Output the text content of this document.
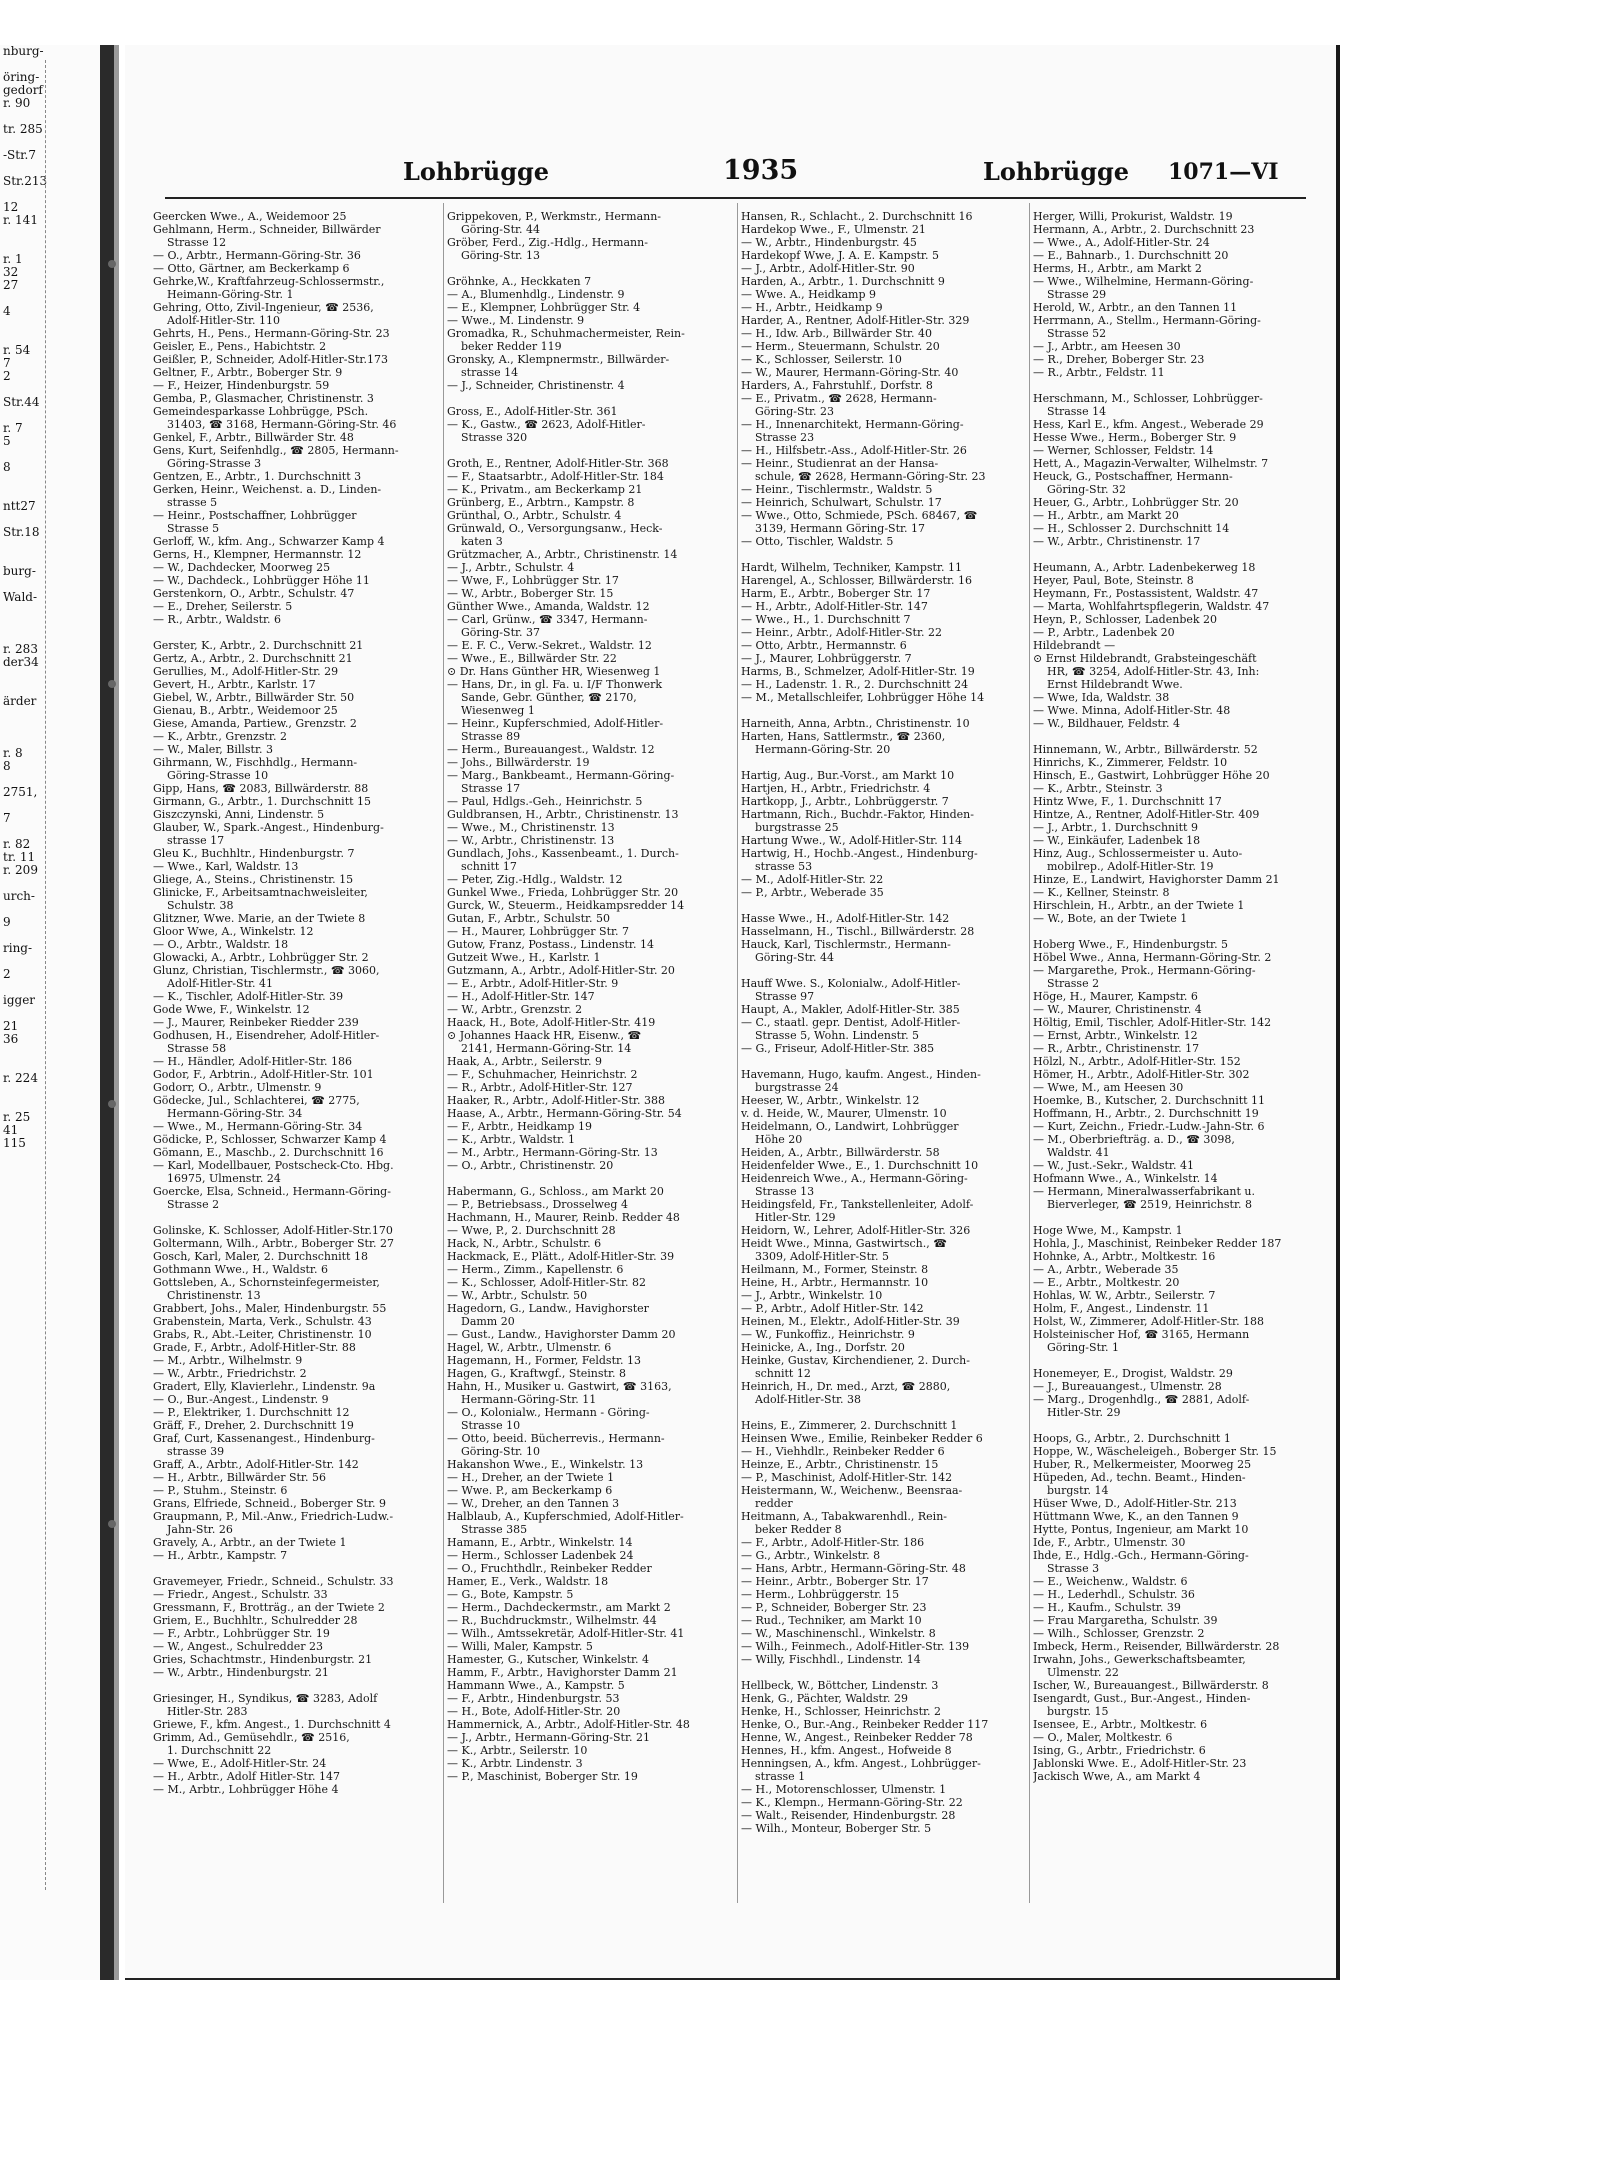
nburg-
öring-
gedorf
r. 90
tr. 285
-Str.7
Str.213
12
r. 141
r. 1
32
27
4
r. 54
7
2
Str.44
r. 7
5
8
ntt27
Str.18
burg-
Wald-
r. 283
der34
ärder
r. 8
8
2751,
7
r. 82
tr. 11
r. 209
urch-
9
ring-
2
igger
21
36
r. 224
r. 25
41
115
Lohbrügge	1935	Lohbrügge 1071—VI
Geercken Wwe., A., Weidemoor 25
Gehlmann, Herm., Schneider, Billwärder
Strasse 12
— O., Arbtr., Hermann-Göring-Str. 36
— Otto, Gärtner, am Beckerkamp 6
Gehrke,W., Kraftfahrzeug-Schlossermstr.,
Heimann-Göring-Str. 1
Gehring, Otto, Zivil-Ingenieur, ☎ 2536,
Adolf-Hitler-Str. 110
Gehrts, H., Pens., Hermann-Göring-Str. 23
Geisler, E., Pens., Habichtstr. 2
Geißler, P., Schneider, Adolf-Hitler-Str.173
Geltner, F., Arbtr., Boberger Str. 9
— F., Heizer, Hindenburgstr. 59
Gemba, P., Glasmacher, Christinenstr. 3
Gemeindesparkasse Lohbrügge, PSch.
31403, ☎ 3168, Hermann-Göring-Str. 46
Genkel, F., Arbtr., Billwärder Str. 48
Gens, Kurt, Seifenhdlg., ☎ 2805, Hermann-
Göring-Strasse 3
Gentzen, E., Arbtr., 1. Durchschnitt 3
Gerken, Heinr., Weichenst. a. D., Linden-
strasse 5
— Heinr., Postschaffner, Lohbrügger
Strasse 5
Gerloff, W., kfm. Ang., Schwarzer Kamp 4
Gerns, H., Klempner, Hermannstr. 12
— W., Dachdecker, Moorweg 25
— W., Dachdeck., Lohbrügger Höhe 11
Gerstenkorn, O., Arbtr., Schulstr. 47
— E., Dreher, Seilerstr. 5
— R., Arbtr., Waldstr. 6
Gerster, K., Arbtr., 2. Durchschnitt 21
Gertz, A., Arbtr., 2. Durchschnitt 21
Gerullies, M., Adolf-Hitler-Str. 29
Gevert, H., Arbtr., Karlstr. 17
Giebel, W., Arbtr., Billwärder Str. 50
Gienau, B., Arbtr., Weidemoor 25
Giese, Amanda, Partiew., Grenzstr. 2
— K., Arbtr., Grenzstr. 2
— W., Maler, Billstr. 3
Gihrmann, W., Fischhdlg., Hermann-
Göring-Strasse 10
Gipp, Hans, ☎ 2083, Billwärderstr. 88
Girmann, G., Arbtr., 1. Durchschnitt 15
Giszczynski, Anni, Lindenstr. 5
Glauber, W., Spark.-Angest., Hindenburg-
strasse 17
Gleu K., Buchhltr., Hindenburgstr. 7
— Wwe., Karl, Waldstr. 13
Gliege, A., Steins., Christinenstr. 15
Glinicke, F., Arbeitsamtnachweisleiter,
Schulstr. 38
Glitzner, Wwe. Marie, an der Twiete 8
Gloor Wwe, A., Winkelstr. 12
— O., Arbtr., Waldstr. 18
Glowacki, A., Arbtr., Lohbrügger Str. 2
Glunz, Christian, Tischlermstr., ☎ 3060,
Adolf-Hitler-Str. 41
— K., Tischler, Adolf-Hitler-Str. 39
Gode Wwe, F., Winkelstr. 12
— J., Maurer, Reinbeker Riedder 239
Godhusen, H., Eisendreher, Adolf-Hitler-
Strasse 58
— H., Händler, Adolf-Hitler-Str. 186
Godor, F., Arbtrin., Adolf-Hitler-Str. 101
Godorr, O., Arbtr., Ulmenstr. 9
Gödecke, Jul., Schlachterei, ☎ 2775,
Hermann-Göring-Str. 34
— Wwe., M., Hermann-Göring-Str. 34
Gödicke, P., Schlosser, Schwarzer Kamp 4
Gömann, E., Maschb., 2. Durchschnitt 16
— Karl, Modellbauer, Postscheck-Cto. Hbg.
16975, Ulmenstr. 24
Goercke, Elsa, Schneid., Hermann-Göring-
Strasse 2
Golinske, K. Schlosser, Adolf-Hitler-Str.170
Goltermann, Wilh., Arbtr., Boberger Str. 27
Gosch, Karl, Maler, 2. Durchschnitt 18
Gothmann Wwe., H., Waldstr. 6
Gottsleben, A., Schornsteinfegermeister,
Christinenstr. 13
Grabbert, Johs., Maler, Hindenburgstr. 55
Grabenstein, Marta, Verk., Schulstr. 43
Grabs, R., Abt.-Leiter, Christinenstr. 10
Grade, F., Arbtr., Adolf-Hitler-Str. 88
— M., Arbtr., Wilhelmstr. 9
— W., Arbtr., Friedrichstr. 2
Gradert, Elly, Klavierlehr., Lindenstr. 9a
— O., Bur.-Angest., Lindenstr. 9
— P., Elektriker, 1. Durchschnitt 12
Gräff, F., Dreher, 2. Durchschnitt 19
Graf, Curt, Kassenangest., Hindenburg-
strasse 39
Graff, A., Arbtr., Adolf-Hitler-Str. 142
— H., Arbtr., Billwärder Str. 56
— P., Stuhm., Steinstr. 6
Grans, Elfriede, Schneid., Boberger Str. 9
Graupmann, P., Mil.-Anw., Friedrich-Ludw.-
Jahn-Str. 26
Gravely, A., Arbtr., an der Twiete 1
— H., Arbtr., Kampstr. 7
Gravemeyer, Friedr., Schneid., Schulstr. 33
— Friedr., Angest., Schulstr. 33
Gressmann, F., Brotträg., an der Twiete 2
Griem, E., Buchhltr., Schulredder 28
— F., Arbtr., Lohbrügger Str. 19
— W., Angest., Schulredder 23
Gries, Schachtmstr., Hindenburgstr. 21
— W., Arbtr., Hindenburgstr. 21
Griesinger, H., Syndikus, ☎ 3283, Adolf
Hitler-Str. 283
Griewe, F., kfm. Angest., 1. Durchschnitt 4
Grimm, Ad., Gemüsehdlr., ☎ 2516,
1. Durchschnitt 22
— Wwe, E., Adolf-Hitler-Str. 24
— H., Arbtr., Adolf Hitler-Str. 147
— M., Arbtr., Lohbrügger Höhe 4
Grippekoven, P., Werkmstr., Hermann-
Göring-Str. 44
Gröber, Ferd., Zig.-Hdlg., Hermann-
Göring-Str. 13
Gröhnke, A., Heckkaten 7
— A., Blumenhdlg., Lindenstr. 9
— E., Klempner, Lohbrügger Str. 4
— Wwe., M. Lindenstr. 9
Gromadka, R., Schuhmachermeister, Rein-
beker Redder 119
Gronsky, A., Klempnermstr., Billwärder-
strasse 14
— J., Schneider, Christinenstr. 4
Gross, E., Adolf-Hitler-Str. 361
— K., Gastw., ☎ 2623, Adolf-Hitler-
Strasse 320
Groth, E., Rentner, Adolf-Hitler-Str. 368
— F., Staatsarbtr., Adolf-Hitler-Str. 184
— K., Privatm., am Beckerkamp 21
Grünberg, E., Arbtrn., Kampstr. 8
Grünthal, O., Arbtr., Schulstr. 4
Grünwald, O., Versorgungsanw., Heck-
katen 3
Grützmacher, A., Arbtr., Christinenstr. 14
— J., Arbtr., Schulstr. 4
— Wwe, F., Lohbrügger Str. 17
— W., Arbtr., Boberger Str. 15
Günther Wwe., Amanda, Waldstr. 12
— Carl, Grünw., ☎ 3347, Hermann-
Göring-Str. 37
— E. F. C., Verw.-Sekret., Waldstr. 12
— Wwe., E., Billwärder Str. 22
⊙ Dr. Hans Günther HR, Wiesenweg 1
— Hans, Dr., in gl. Fa. u. I/F Thonwerk
Sande, Gebr. Günther, ☎ 2170,
Wiesenweg 1
— Heinr., Kupferschmied, Adolf-Hitler-
Strasse 89
— Herm., Bureauangest., Waldstr. 12
— Johs., Billwärderstr. 19
— Marg., Bankbeamt., Hermann-Göring-
Strasse 17
— Paul, Hdlgs.-Geh., Heinrichstr. 5
Guldbransen, H., Arbtr., Christinenstr. 13
— Wwe., M., Christinenstr. 13
— W., Arbtr., Christinenstr. 13
Gundlach, Johs., Kassenbeamt., 1. Durch-
schnitt 17
— Peter, Zig.-Hdlg., Waldstr. 12
Gunkel Wwe., Frieda, Lohbrügger Str. 20
Gurck, W., Steuerm., Heidkampsredder 14
Gutan, F., Arbtr., Schulstr. 50
— H., Maurer, Lohbrügger Str. 7
Gutow, Franz, Postass., Lindenstr. 14
Gutzeit Wwe., H., Karlstr. 1
Gutzmann, A., Arbtr., Adolf-Hitler-Str. 20
— E., Arbtr., Adolf-Hitler-Str. 9
— H., Adolf-Hitler-Str. 147
— W., Arbtr., Grenzstr. 2
Haack, H., Bote, Adolf-Hitler-Str. 419
⊙ Johannes Haack HR, Eisenw., ☎
2141, Hermann-Göring-Str. 14
Haak, A., Arbtr., Seilerstr. 9
— F., Schuhmacher, Heinrichstr. 2
— R., Arbtr., Adolf-Hitler-Str. 127
Haaker, R., Arbtr., Adolf-Hitler-Str. 388
Haase, A., Arbtr., Hermann-Göring-Str. 54
— F., Arbtr., Heidkamp 19
— K., Arbtr., Waldstr. 1
— M., Arbtr., Hermann-Göring-Str. 13
— O., Arbtr., Christinenstr. 20
Habermann, G., Schloss., am Markt 20
— P., Betriebsass., Drosselweg 4
Hachmann, H., Maurer, Reinb. Redder 48
— Wwe, P., 2. Durchschnitt 28
Hack, N., Arbtr., Schulstr. 6
Hackmack, E., Plätt., Adolf-Hitler-Str. 39
— Herm., Zimm., Kapellenstr. 6
— K., Schlosser, Adolf-Hitler-Str. 82
— W., Arbtr., Schulstr. 50
Hagedorn, G., Landw., Havighorster
Damm 20
— Gust., Landw., Havighorster Damm 20
Hagel, W., Arbtr., Ulmenstr. 6
Hagemann, H., Former, Feldstr. 13
Hagen, G., Kraftwgf., Steinstr. 8
Hahn, H., Musiker u. Gastwirt, ☎ 3163,
Hermann-Göring-Str. 11
— O., Kolonialw., Hermann - Göring-
Strasse 10
— Otto, beeid. Bücherrevis., Hermann-
Göring-Str. 10
Hakanshon Wwe., E., Winkelstr. 13
— H., Dreher, an der Twiete 1
— Wwe. P., am Beckerkamp 6
— W., Dreher, an den Tannen 3
Halblaub, A., Kupferschmied, Adolf-Hitler-
Strasse 385
Hamann, E., Arbtr., Winkelstr. 14
— Herm., Schlosser Ladenbek 24
— O., Fruchthdlr., Reinbeker Redder
Hamer, E., Verk., Waldstr. 18
— G., Bote, Kampstr. 5
— Herm., Dachdeckermstr., am Markt 2
— R., Buchdruckmstr., Wilhelmstr. 44
— Wilh., Amtssekretär, Adolf-Hitler-Str. 41
— Willi, Maler, Kampstr. 5
Hamester, G., Kutscher, Winkelstr. 4
Hamm, F., Arbtr., Havighorster Damm 21
Hammann Wwe., A., Kampstr. 5
— F., Arbtr., Hindenburgstr. 53
— H., Bote, Adolf-Hitler-Str. 20
Hammernick, A., Arbtr., Adolf-Hitler-Str. 48
— J., Arbtr., Hermann-Göring-Str. 21
— K., Arbtr., Seilerstr. 10
— K., Arbtr. Lindenstr. 3
— P., Maschinist, Boberger Str. 19
Hansen, R., Schlacht., 2. Durchschnitt 16
Hardekop Wwe., F., Ulmenstr. 21
— W., Arbtr., Hindenburgstr. 45
Hardekopf Wwe, J. A. E. Kampstr. 5
— J., Arbtr., Adolf-Hitler-Str. 90
Harden, A., Arbtr., 1. Durchschnitt 9
— Wwe. A., Heidkamp 9
— H., Arbtr., Heidkamp 9
Harder, A., Rentner, Adolf-Hitler-Str. 329
— H., Idw. Arb., Billwärder Str. 40
— Herm., Steuermann, Schulstr. 20
— K., Schlosser, Seilerstr. 10
— W., Maurer, Hermann-Göring-Str. 40
Harders, A., Fahrstuhlf., Dorfstr. 8
— E., Privatm., ☎ 2628, Hermann-
Göring-Str. 23
— H., Innenarchitekt, Hermann-Göring-
Strasse 23
— H., Hilfsbetr.-Ass., Adolf-Hitler-Str. 26
— Heinr., Studienrat an der Hansa-
schule, ☎ 2628, Hermann-Göring-Str. 23
— Heinr., Tischlermstr., Waldstr. 5
— Heinrich, Schulwart, Schulstr. 17
— Wwe., Otto, Schmiede, PSch. 68467, ☎
3139, Hermann Göring-Str. 17
— Otto, Tischler, Waldstr. 5
Hardt, Wilhelm, Techniker, Kampstr. 11
Harengel, A., Schlosser, Billwärderstr. 16
Harm, E., Arbtr., Boberger Str. 17
— H., Arbtr., Adolf-Hitler-Str. 147
— Wwe., H., 1. Durchschnitt 7
— Heinr., Arbtr., Adolf-Hitler-Str. 22
— Otto, Arbtr., Hermannstr. 6
— J., Maurer, Lohbrüggerstr. 7
Harms, B., Schmelzer, Adolf-Hitler-Str. 19
— H., Ladenstr. 1. R., 2. Durchschnitt 24
— M., Metallschleifer, Lohbrügger Höhe 14
Harneith, Anna, Arbtn., Christinenstr. 10
Harten, Hans, Sattlermstr., ☎ 2360,
Hermann-Göring-Str. 20
Hartig, Aug., Bur.-Vorst., am Markt 10
Hartjen, H., Arbtr., Friedrichstr. 4
Hartkopp, J., Arbtr., Lohbrüggerstr. 7
Hartmann, Rich., Buchdr.-Faktor, Hinden-
burgstrasse 25
Hartung Wwe., W., Adolf-Hitler-Str. 114
Hartwig, H., Hochb.-Angest., Hindenburg-
strasse 53
— M., Adolf-Hitler-Str. 22
— P., Arbtr., Weberade 35
Hasse Wwe., H., Adolf-Hitler-Str. 142
Hasselmann, H., Tischl., Billwärderstr. 28
Hauck, Karl, Tischlermstr., Hermann-
Göring-Str. 44
Hauff Wwe. S., Kolonialw., Adolf-Hitler-
Strasse 97
Haupt, A., Makler, Adolf-Hitler-Str. 385
— C., staatl. gepr. Dentist, Adolf-Hitler-
Strasse 5, Wohn. Lindenstr. 5
— G., Friseur, Adolf-Hitler-Str. 385
Havemann, Hugo, kaufm. Angest., Hinden-
burgstrasse 24
Heeser, W., Arbtr., Winkelstr. 12
v. d. Heide, W., Maurer, Ulmenstr. 10
Heidelmann, O., Landwirt, Lohbrügger
Höhe 20
Heiden, A., Arbtr., Billwärderstr. 58
Heidenfelder Wwe., E., 1. Durchschnitt 10
Heidenreich Wwe., A., Hermann-Göring-
Strasse 13
Heidingsfeld, Fr., Tankstellenleiter, Adolf-
Hitler-Str. 129
Heidorn, W., Lehrer, Adolf-Hitler-Str. 326
Heidt Wwe., Minna, Gastwirtsch., ☎
3309, Adolf-Hitler-Str. 5
Heilmann, M., Former, Steinstr. 8
Heine, H., Arbtr., Hermannstr. 10
— J., Arbtr., Winkelstr. 10
— P., Arbtr., Adolf Hitler-Str. 142
Heinen, M., Elektr., Adolf-Hitler-Str. 39
— W., Funkoffiz., Heinrichstr. 9
Heinicke, A., Ing., Dorfstr. 20
Heinke, Gustav, Kirchendiener, 2. Durch-
schnitt 12
Heinrich, H., Dr. med., Arzt, ☎ 2880,
Adolf-Hitler-Str. 38
Heins, E., Zimmerer, 2. Durchschnitt 1
Heinsen Wwe., Emilie, Reinbeker Redder 6
— H., Viehhdlr., Reinbeker Redder 6
Heinze, E., Arbtr., Christinenstr. 15
— P., Maschinist, Adolf-Hitler-Str. 142
Heistermann, W., Weichenw., Beensraa-
redder
Heitmann, A., Tabakwarenhdl., Rein-
beker Redder 8
— F., Arbtr., Adolf-Hitler-Str. 186
— G., Arbtr., Winkelstr. 8
— Hans, Arbtr., Hermann-Göring-Str. 48
— Heinr., Arbtr., Boberger Str. 17
— Herm., Lohbrüggerstr. 15
— P., Schneider, Boberger Str. 23
— Rud., Techniker, am Markt 10
— W., Maschinenschl., Winkelstr. 8
— Wilh., Feinmech., Adolf-Hitler-Str. 139
— Willy, Fischhdl., Lindenstr. 14
Hellbeck, W., Böttcher, Lindenstr. 3
Henk, G., Pächter, Waldstr. 29
Henke, H., Schlosser, Heinrichstr. 2
Henke, O., Bur.-Ang., Reinbeker Redder 117
Henne, W., Angest., Reinbeker Redder 78
Hennes, H., kfm. Angest., Hofweide 8
Henningsen, A., kfm. Angest., Lohbrügger-
strasse 1
— H., Motorenschlosser, Ulmenstr. 1
— K., Klempn., Hermann-Göring-Str. 22
— Walt., Reisender, Hindenburgstr. 28
— Wilh., Monteur, Boberger Str. 5
Herger, Willi, Prokurist, Waldstr. 19
Hermann, A., Arbtr., 2. Durchschnitt 23
— Wwe., A., Adolf-Hitler-Str. 24
— E., Bahnarb., 1. Durchschnitt 20
Herms, H., Arbtr., am Markt 2
— Wwe., Wilhelmine, Hermann-Göring-
Strasse 29
Herold, W., Arbtr., an den Tannen 11
Herrmann, A., Stellm., Hermann-Göring-
Strasse 52
— J., Arbtr., am Heesen 30
— R., Dreher, Boberger Str. 23
— R., Arbtr., Feldstr. 11
Herschmann, M., Schlosser, Lohbrügger-
Strasse 14
Hess, Karl E., kfm. Angest., Weberade 29
Hesse Wwe., Herm., Boberger Str. 9
— Werner, Schlosser, Feldstr. 14
Hett, A., Magazin-Verwalter, Wilhelmstr. 7
Heuck, G., Postschaffner, Hermann-
Göring-Str. 32
Heuer, G., Arbtr., Lohbrügger Str. 20
— H., Arbtr., am Markt 20
— H., Schlosser 2. Durchschnitt 14
— W., Arbtr., Christinenstr. 17
Heumann, A., Arbtr. Ladenbekerweg 18
Heyer, Paul, Bote, Steinstr. 8
Heymann, Fr., Postassistent, Waldstr. 47
— Marta, Wohlfahrtspflegerin, Waldstr. 47
Heyn, P., Schlosser, Ladenbek 20
— P., Arbtr., Ladenbek 20
Hildebrandt —
⊙ Ernst Hildebrandt, Grabsteingeschäft
HR, ☎ 3254, Adolf-Hitler-Str. 43, Inh:
Ernst Hildebrandt Wwe.
— Wwe, Ida, Waldstr. 38
— Wwe. Minna, Adolf-Hitler-Str. 48
— W., Bildhauer, Feldstr. 4
Hinnemann, W., Arbtr., Billwärderstr. 52
Hinrichs, K., Zimmerer, Feldstr. 10
Hinsch, E., Gastwirt, Lohbrügger Höhe 20
— K., Arbtr., Steinstr. 3
Hintz Wwe, F., 1. Durchschnitt 17
Hintze, A., Rentner, Adolf-Hitler-Str. 409
— J., Arbtr., 1. Durchschnitt 9
— W., Einkäufer, Ladenbek 18
Hinz, Aug., Schlossermeister u. Auto-
mobilrep., Adolf-Hitler-Str. 19
Hinze, E., Landwirt, Havighorster Damm 21
— K., Kellner, Steinstr. 8
Hirschlein, H., Arbtr., an der Twiete 1
— W., Bote, an der Twiete 1
Hoberg Wwe., F., Hindenburgstr. 5
Höbel Wwe., Anna, Hermann-Göring-Str. 2
— Margarethe, Prok., Hermann-Göring-
Strasse 2
Höge, H., Maurer, Kampstr. 6
— W., Maurer, Christinenstr. 4
Höltig, Emil, Tischler, Adolf-Hitler-Str. 142
— Ernst, Arbtr., Winkelstr. 12
— R., Arbtr., Christinenstr. 17
Hölzl, N., Arbtr., Adolf-Hitler-Str. 152
Hömer, H., Arbtr., Adolf-Hitler-Str. 302
— Wwe, M., am Heesen 30
Hoemke, B., Kutscher, 2. Durchschnitt 11
Hoffmann, H., Arbtr., 2. Durchschnitt 19
— Kurt, Zeichn., Friedr.-Ludw.-Jahn-Str. 6
— M., Oberbriefträg. a. D., ☎ 3098,
Waldstr. 41
— W., Just.-Sekr., Waldstr. 41
Hofmann Wwe., A., Winkelstr. 14
— Hermann, Mineralwasserfabrikant u.
Bierverleger, ☎ 2519, Heinrichstr. 8
Hoge Wwe, M., Kampstr. 1
Hohla, J., Maschinist, Reinbeker Redder 187
Hohnke, A., Arbtr., Moltkestr. 16
— A., Arbtr., Weberade 35
— E., Arbtr., Moltkestr. 20
Hohlas, W. W., Arbtr., Seilerstr. 7
Holm, F., Angest., Lindenstr. 11
Holst, W., Zimmerer, Adolf-Hitler-Str. 188
Holsteinischer Hof, ☎ 3165, Hermann
Göring-Str. 1
Honemeyer, E., Drogist, Waldstr. 29
— J., Bureauangest., Ulmenstr. 28
— Marg., Drogenhdlg., ☎ 2881, Adolf-
Hitler-Str. 29
Hoops, G., Arbtr., 2. Durchschnitt 1
Hoppe, W., Wäscheleigeh., Boberger Str. 15
Huber, R., Melkermeister, Moorweg 25
Hüpeden, Ad., techn. Beamt., Hinden-
burgstr. 14
Hüser Wwe, D., Adolf-Hitler-Str. 213
Hüttmann Wwe, K., an den Tannen 9
Hytte, Pontus, Ingenieur, am Markt 10
Ide, F., Arbtr., Ulmenstr. 30
Ihde, E., Hdlg.-Gch., Hermann-Göring-
Strasse 3
— E., Weichenw., Waldstr. 6
— H., Lederhdl., Schulstr. 36
— H., Kaufm., Schulstr. 39
— Frau Margaretha, Schulstr. 39
— Wilh., Schlosser, Grenzstr. 2
Imbeck, Herm., Reisender, Billwärderstr. 28
Irwahn, Johs., Gewerkschaftsbeamter,
Ulmenstr. 22
Ischer, W., Bureauangest., Billwärderstr. 8
Isengardt, Gust., Bur.-Angest., Hinden-
burgstr. 15
Isensee, E., Arbtr., Moltkestr. 6
— O., Maler, Moltkestr. 6
Ising, G., Arbtr., Friedrichstr. 6
Jablonski Wwe. E., Adolf-Hitler-Str. 23
Jackisch Wwe, A., am Markt 4
